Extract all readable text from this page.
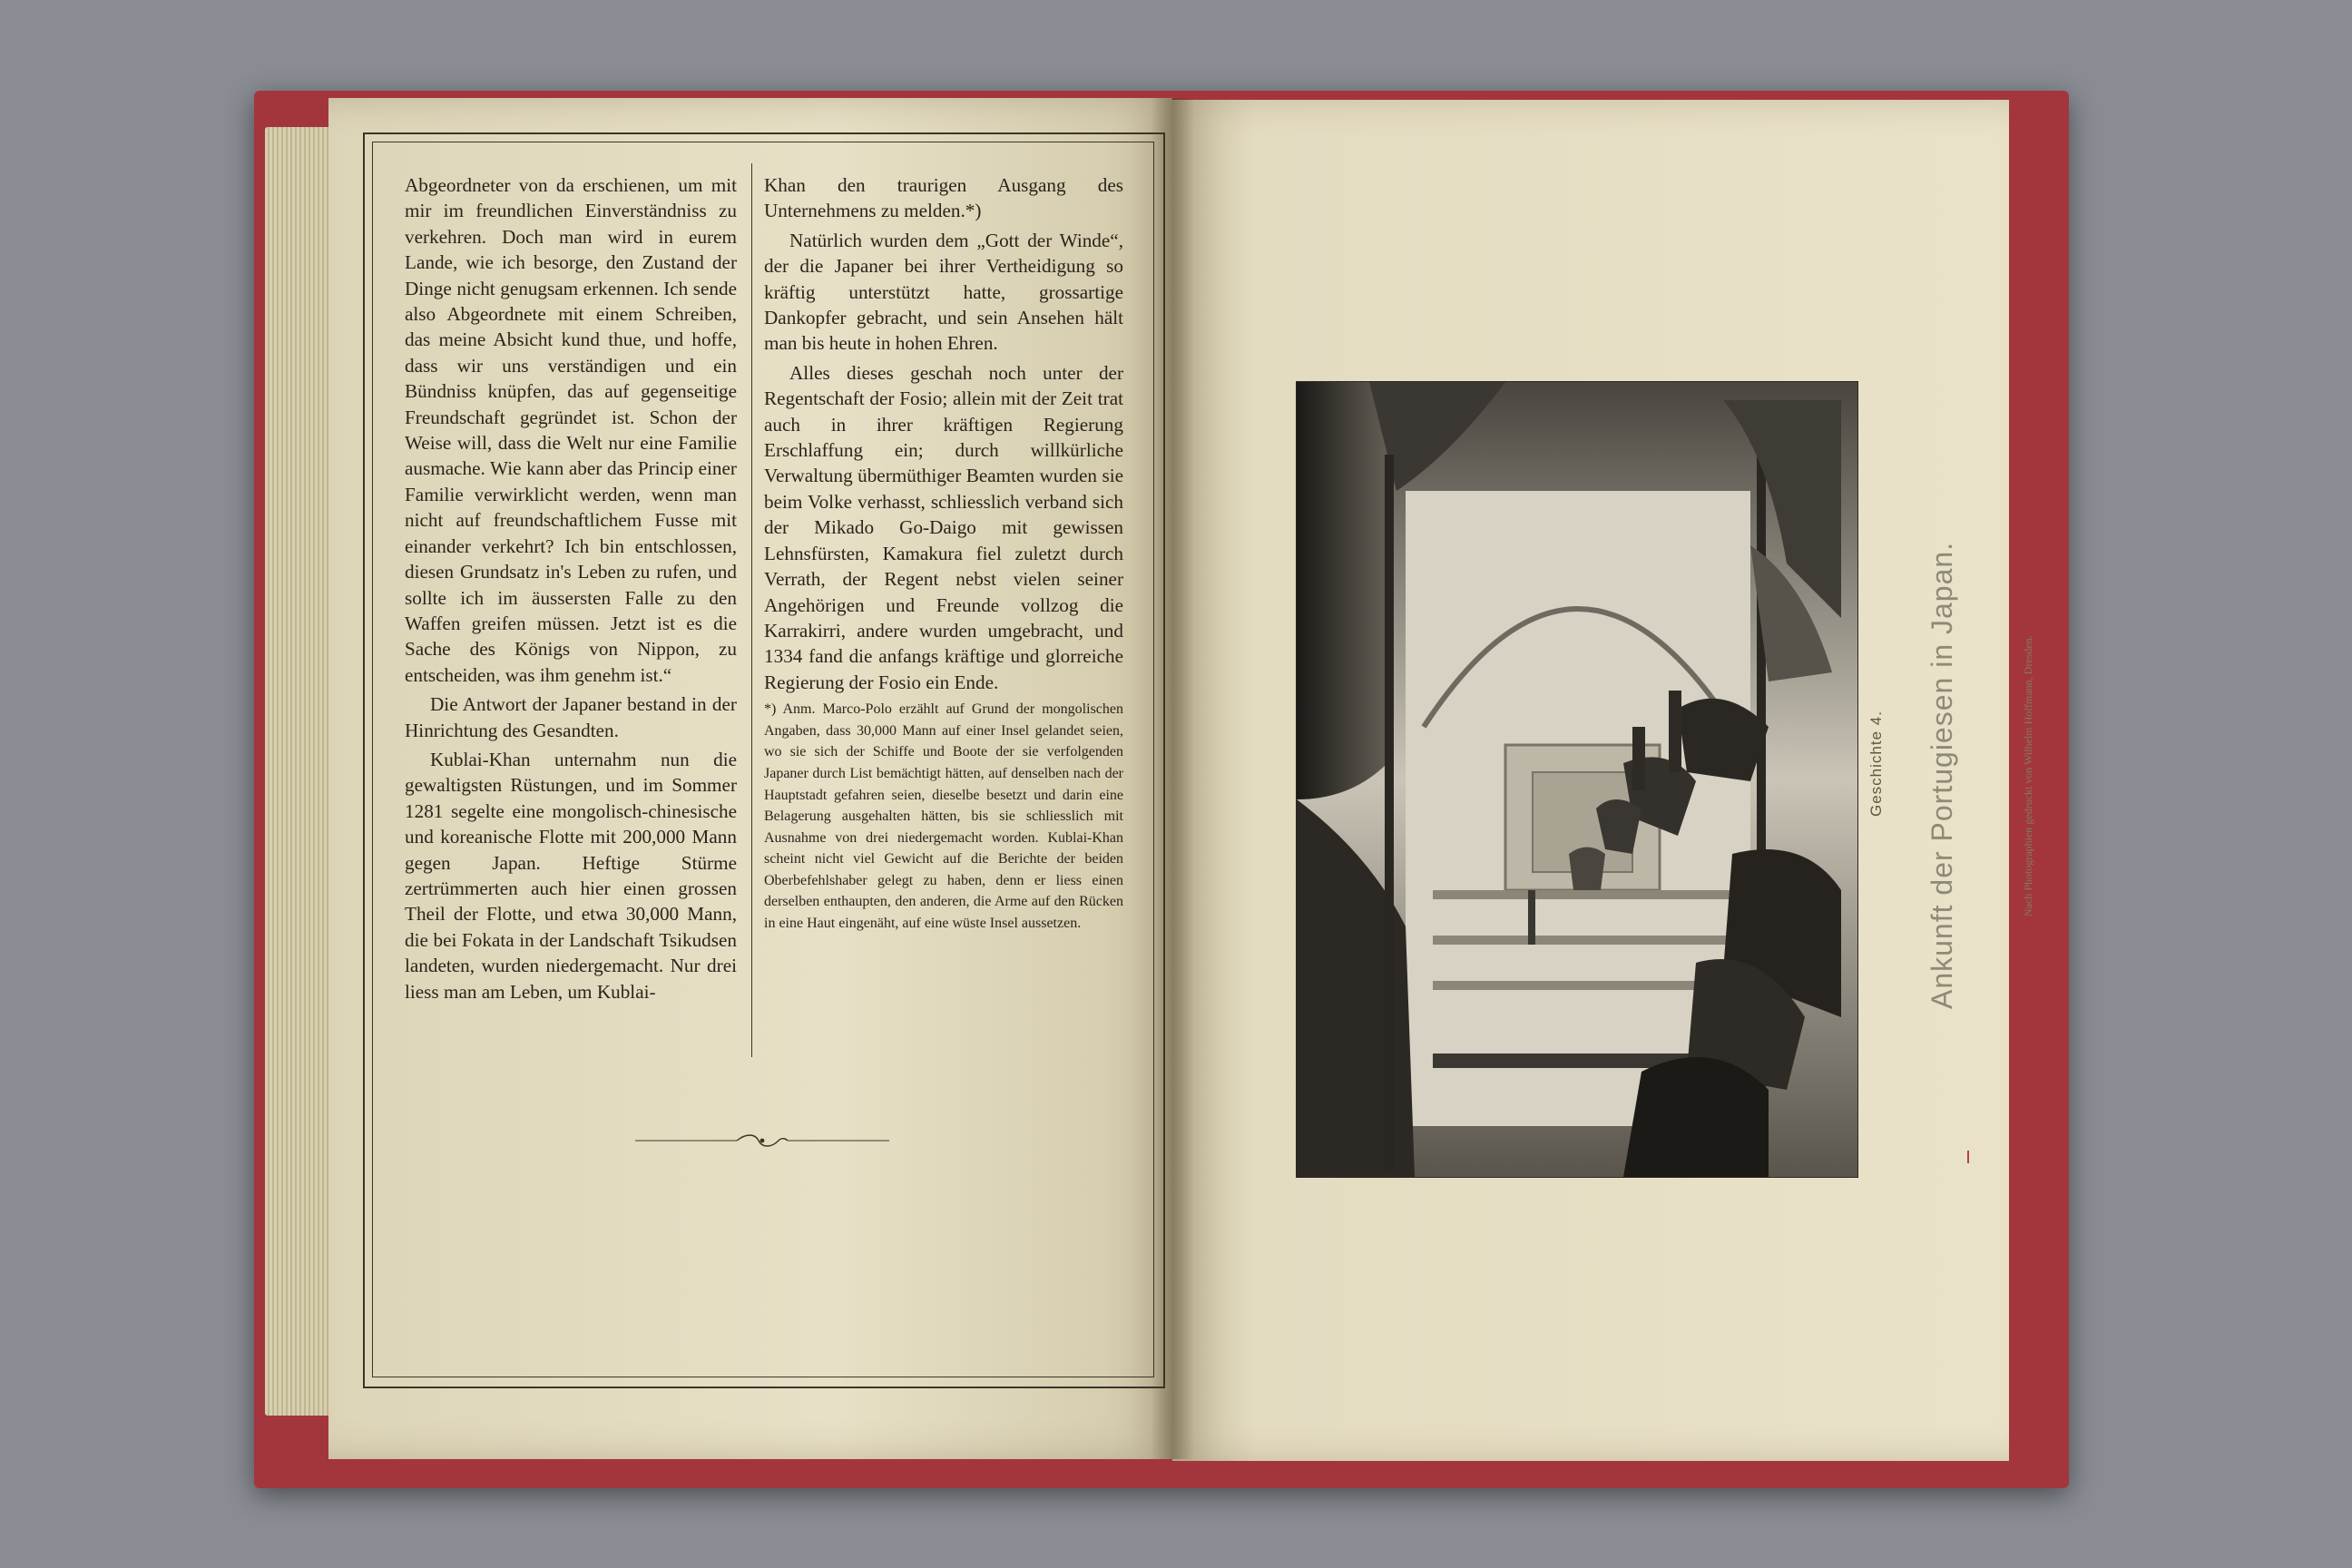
Abgeordneter von da erschienen, um mit mir im freundlichen Einverständniss zu verkehren. Doch man wird in eurem Lande, wie ich besorge, den Zustand der Dinge nicht genugsam erkennen. Ich sende also Abgeordnete mit einem Schreiben, das meine Absicht kund thue, und hoffe, dass wir uns verständigen und ein Bündniss knüpfen, das auf gegenseitige Freundschaft gegründet ist. Schon der Weise will, dass die Welt nur eine Familie ausmache. Wie kann aber das Princip einer Familie verwirklicht werden, wenn man nicht auf freundschaftlichem Fusse mit einander verkehrt? Ich bin entschlossen, diesen Grundsatz in's Leben zu rufen, und sollte ich im äussersten Falle zu den Waffen greifen müssen. Jetzt ist es die Sache des Königs von Nippon, zu entscheiden, was ihm genehm ist.“

Die Antwort der Japaner bestand in der Hinrichtung des Gesandten.

Kublai-Khan unternahm nun die gewaltigsten Rüstungen, und im Sommer 1281 segelte eine mongolisch-chinesische und koreanische Flotte mit 200,000 Mann gegen Japan. Heftige Stürme zertrümmerten auch hier einen grossen Theil der Flotte, und etwa 30,000 Mann, die bei Fokata in der Landschaft Tsikudsen landeten, wurden niedergemacht. Nur drei liess man am Leben, um Kublai-

Khan den traurigen Ausgang des Unternehmens zu melden.*)

Natürlich wurden dem „Gott der Winde“, der die Japaner bei ihrer Vertheidigung so kräftig unterstützt hatte, grossartige Dankopfer gebracht, und sein Ansehen hält man bis heute in hohen Ehren.

Alles dieses geschah noch unter der Regentschaft der Fosio; allein mit der Zeit trat auch in ihrer kräftigen Regierung Erschlaffung ein; durch willkürliche Verwaltung übermüthiger Beamten wurden sie beim Volke verhasst, schliesslich verband sich der Mikado Go-Daigo mit gewissen Lehnsfürsten, Kamakura fiel zuletzt durch Verrath, der Regent nebst vielen seiner Angehörigen und Freunde vollzog die Karrakirri, andere wurden umgebracht, und 1334 fand die anfangs kräftige und glorreiche Regierung der Fosio ein Ende.

*) Anm. Marco-Polo erzählt auf Grund der mongolischen Angaben, dass 30,000 Mann auf einer Insel gelandet seien, wo sie sich der Schiffe und Boote der sie verfolgenden Japaner durch List bemächtigt hätten, auf denselben nach der Hauptstadt gefahren seien, dieselbe besetzt und darin eine Belagerung ausgehalten hätten, bis sie schliesslich mit Ausnahme von drei niedergemacht worden. Kublai-Khan scheint nicht viel Gewicht auf die Berichte der beiden Oberbefehlshaber gelegt zu haben, denn er liess einen derselben enthaupten, den anderen, die Arme auf den Rücken in eine Haut eingenäht, auf eine wüste Insel aussetzen.

Geschichte 4. Ankunft der Portugiesen in Japan.	Nach Photographien gedruckt von Wilhelm Hoffmann, Dresden.
